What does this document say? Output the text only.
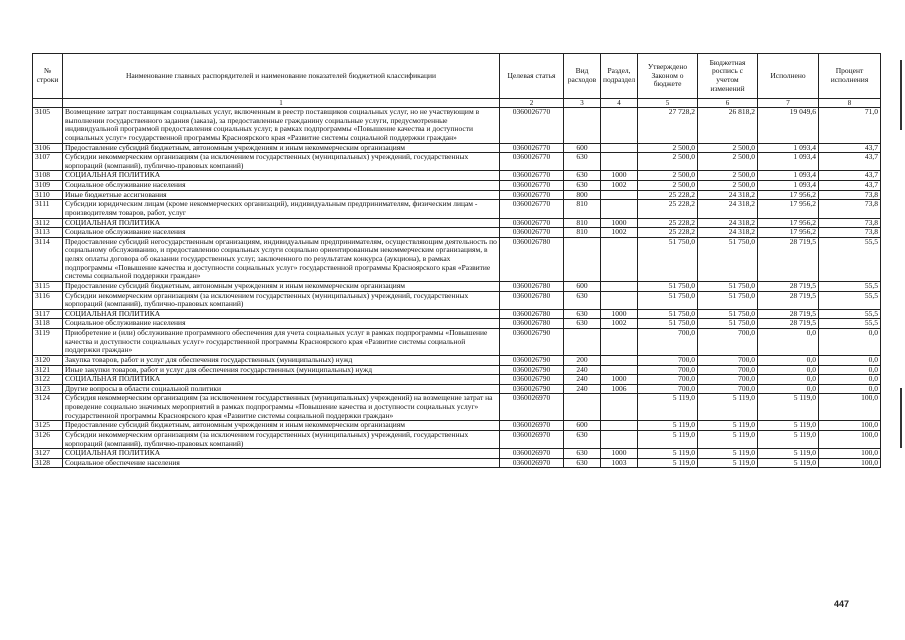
№ строки	Наименование главных распорядителей и наименование показателей бюджетной классификации	Целевая статья	Вид расходов	Раздел, подраздел	Утверждено Законом о бюджете	Бюджетная роспись с учетом изменений	Исполнено	Процент исполнения
	1	2	3	4	5	6	7	8
3105	Возмещение затрат поставщикам социальных услуг, включенным в реестр поставщиков социальных услуг, но не участвующим в выполнении государственного задания (заказа), за предоставленные гражданину социальные услуги, предусмотренные индивидуальной программой предоставления социальных услуг, в рамках подпрограммы «Повышение качества и доступности социальных услуг» государственной программы Красноярского края «Развитие системы социальной поддержки граждан»	0360026770			27 728,2	26 818,2	19 049,6	71,0
3106	Предоставление субсидий бюджетным, автономным учреждениям и иным некоммерческим организациям	0360026770	600		2 500,0	2 500,0	1 093,4	43,7
3107	Субсидии некоммерческим организациям (за исключением государственных (муниципальных) учреждений, государственных корпораций (компаний), публично-правовых компаний)	0360026770	630		2 500,0	2 500,0	1 093,4	43,7
3108	СОЦИАЛЬНАЯ ПОЛИТИКА	0360026770	630	1000	2 500,0	2 500,0	1 093,4	43,7
3109	Социальное обслуживание населения	0360026770	630	1002	2 500,0	2 500,0	1 093,4	43,7
3110	Иные бюджетные ассигнования	0360026770	800		25 228,2	24 318,2	17 956,2	73,8
3111	Субсидии юридическим лицам (кроме некоммерческих организаций), индивидуальным предпринимателям, физическим лицам - производителям товаров, работ, услуг	0360026770	810		25 228,2	24 318,2	17 956,2	73,8
3112	СОЦИАЛЬНАЯ ПОЛИТИКА	0360026770	810	1000	25 228,2	24 318,2	17 956,2	73,8
3113	Социальное обслуживание населения	0360026770	810	1002	25 228,2	24 318,2	17 956,2	73,8
3114	Предоставление субсидий негосударственным организациям, индивидуальным предпринимателям, осуществляющим деятельность по социальному обслуживанию, и предоставлению социальных услуги социально ориентированным некоммерческим организациям, в целях оплаты договора об оказании государственных услуг, заключенного по результатам конкурса (аукциона), в рамках подпрограммы «Повышение качества и доступности социальных услуг» государственной программы Красноярского края «Развитие системы социальной поддержки граждан»	0360026780			51 750,0	51 750,0	28 719,5	55,5
3115	Предоставление субсидий бюджетным, автономным учреждениям и иным некоммерческим организациям	0360026780	600		51 750,0	51 750,0	28 719,5	55,5
3116	Субсидии некоммерческим организациям (за исключением государственных (муниципальных) учреждений, государственных корпораций (компаний), публично-правовых компаний)	0360026780	630		51 750,0	51 750,0	28 719,5	55,5
3117	СОЦИАЛЬНАЯ ПОЛИТИКА	0360026780	630	1000	51 750,0	51 750,0	28 719,5	55,5
3118	Социальное обслуживание населения	0360026780	630	1002	51 750,0	51 750,0	28 719,5	55,5
3119	Приобретение и (или) обслуживание программного обеспечения для учета социальных услуг в рамках подпрограммы «Повышение качества и доступности социальных услуг» государственной программы Красноярского края «Развитие системы социальной поддержки граждан»	0360026790			700,0	700,0	0,0	0,0
3120	Закупка товаров, работ и услуг для обеспечения государственных (муниципальных) нужд	0360026790	200		700,0	700,0	0,0	0,0
3121	Иные закупки товаров, работ и услуг для обеспечения государственных (муниципальных) нужд	0360026790	240		700,0	700,0	0,0	0,0
3122	СОЦИАЛЬНАЯ ПОЛИТИКА	0360026790	240	1000	700,0	700,0	0,0	0,0
3123	Другие вопросы в области социальной политики	0360026790	240	1006	700,0	700,0	0,0	0,0
3124	Субсидия некоммерческим организациям (за исключением государственных (муниципальных) учреждений) на возмещение затрат на проведение социально значимых мероприятий в рамках подпрограммы «Повышение качества и доступности социальных услуг» государственной программы Красноярского края «Развитие системы социальной поддержки граждан»	0360026970			5 119,0	5 119,0	5 119,0	100,0
3125	Предоставление субсидий бюджетным, автономным учреждениям и иным некоммерческим организациям	0360026970	600		5 119,0	5 119,0	5 119,0	100,0
3126	Субсидии некоммерческим организациям (за исключением государственных (муниципальных) учреждений, государственных корпораций (компаний), публично-правовых компаний)	0360026970	630		5 119,0	5 119,0	5 119,0	100,0
3127	СОЦИАЛЬНАЯ ПОЛИТИКА	0360026970	630	1000	5 119,0	5 119,0	5 119,0	100,0
3128	Социальное обеспечение населения	0360026970	630	1003	5 119,0	5 119,0	5 119,0	100,0
447
